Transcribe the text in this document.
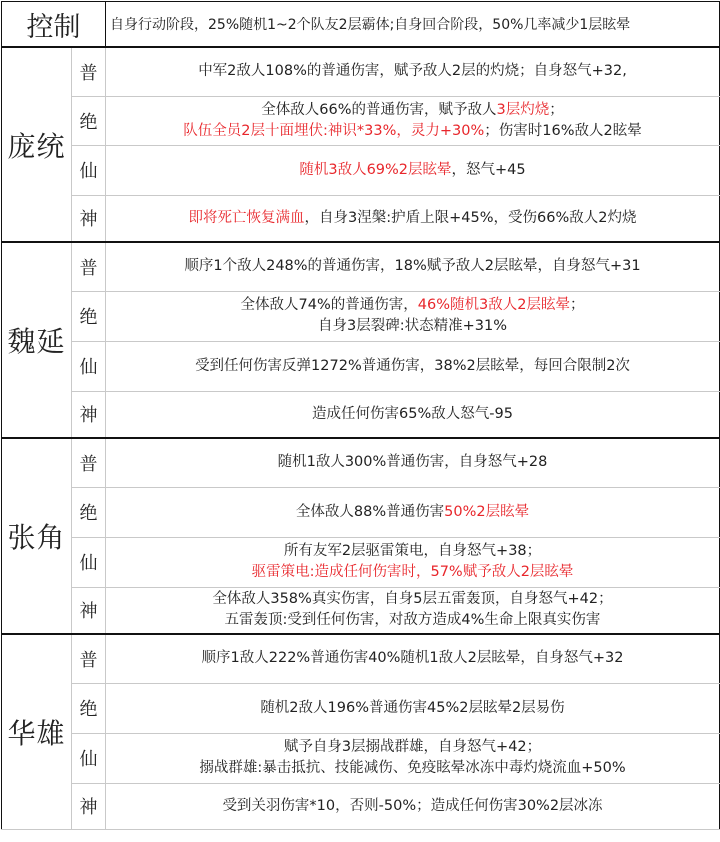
控制		自身行动阶段，25%随机1~2个队友2层霸体;自身回合阶段，50%几率减少1层眩晕
庞统	普	中军2敌人108%的普通伤害，赋予敌人2层的灼烧；自身怒气+32,

	绝	全体敌人66%的普通伤害，赋予敌人3层灼烧；
队伍全员2层十面埋伏:神识*33%，灵力+30%；伤害时16%敌人2眩晕

	仙	随机3敌人69%2层眩晕，怒气+45

	神	即将死亡恢复满血，自身3涅槃:护盾上限+45%，受伤66%敌人2灼烧

魏延	普	顺序1个敌人248%的普通伤害，18%赋予敌人2层眩晕，自身怒气+31

	绝	全体敌人74%的普通伤害，46%随机3敌人2层眩晕；
自身3层裂碑:状态精准+31%

	仙	受到任何伤害反弹1272%普通伤害，38%2层眩晕，每回合限制2次

	神	造成任何伤害65%敌人怒气-95

张角	普	随机1敌人300%普通伤害，自身怒气+28

	绝	全体敌人88%普通伤害50%2层眩晕

	仙	所有友军2层驱雷策电，自身怒气+38；
驱雷策电:造成任何伤害时，57%赋予敌人2层眩晕

	神	全体敌人358%真实伤害，自身5层五雷轰顶，自身怒气+42；
五雷轰顶:受到任何伤害，对敌方造成4%生命上限真实伤害

华雄	普	顺序1敌人222%普通伤害40%随机1敌人2层眩晕，自身怒气+32

	绝	随机2敌人196%普通伤害45%2层眩晕2层易伤

	仙	赋予自身3层搦战群雄，自身怒气+42；
搦战群雄:暴击抵抗、技能减伤、免疫眩晕冰冻中毒灼烧流血+50%

	神	受到关羽伤害*10，否则-50%；造成任何伤害30%2层冰冻
